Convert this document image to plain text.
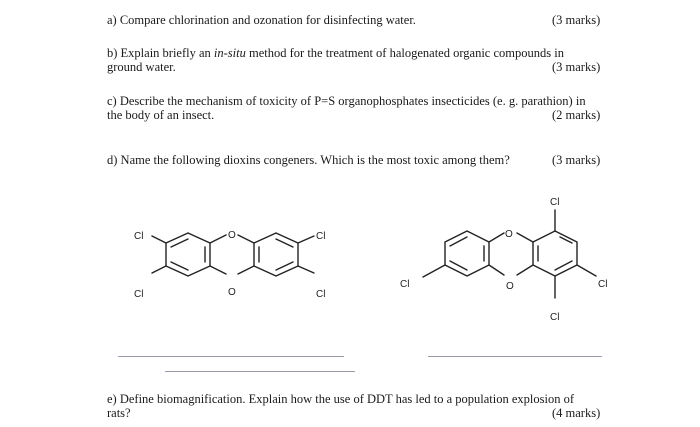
a) Compare chlorination and ozonation for disinfecting water.	(3 marks)
b) Explain briefly an in-situ method for the treatment of halogenated organic compounds in
ground water.	(3 marks)
c) Describe the mechanism of toxicity of P=S organophosphates insecticides (e. g. parathion) in
the body of an insect.	(2 marks)
d) Name the following dioxins congeners. Which is the most toxic among them?	(3 marks)
Cl
Cl
Cl
Cl
O
O
Cl
Cl	Cl
Cl
O
O
e) Define biomagnification. Explain how the use of DDT has led to a population explosion of
rats?	(4 marks)
